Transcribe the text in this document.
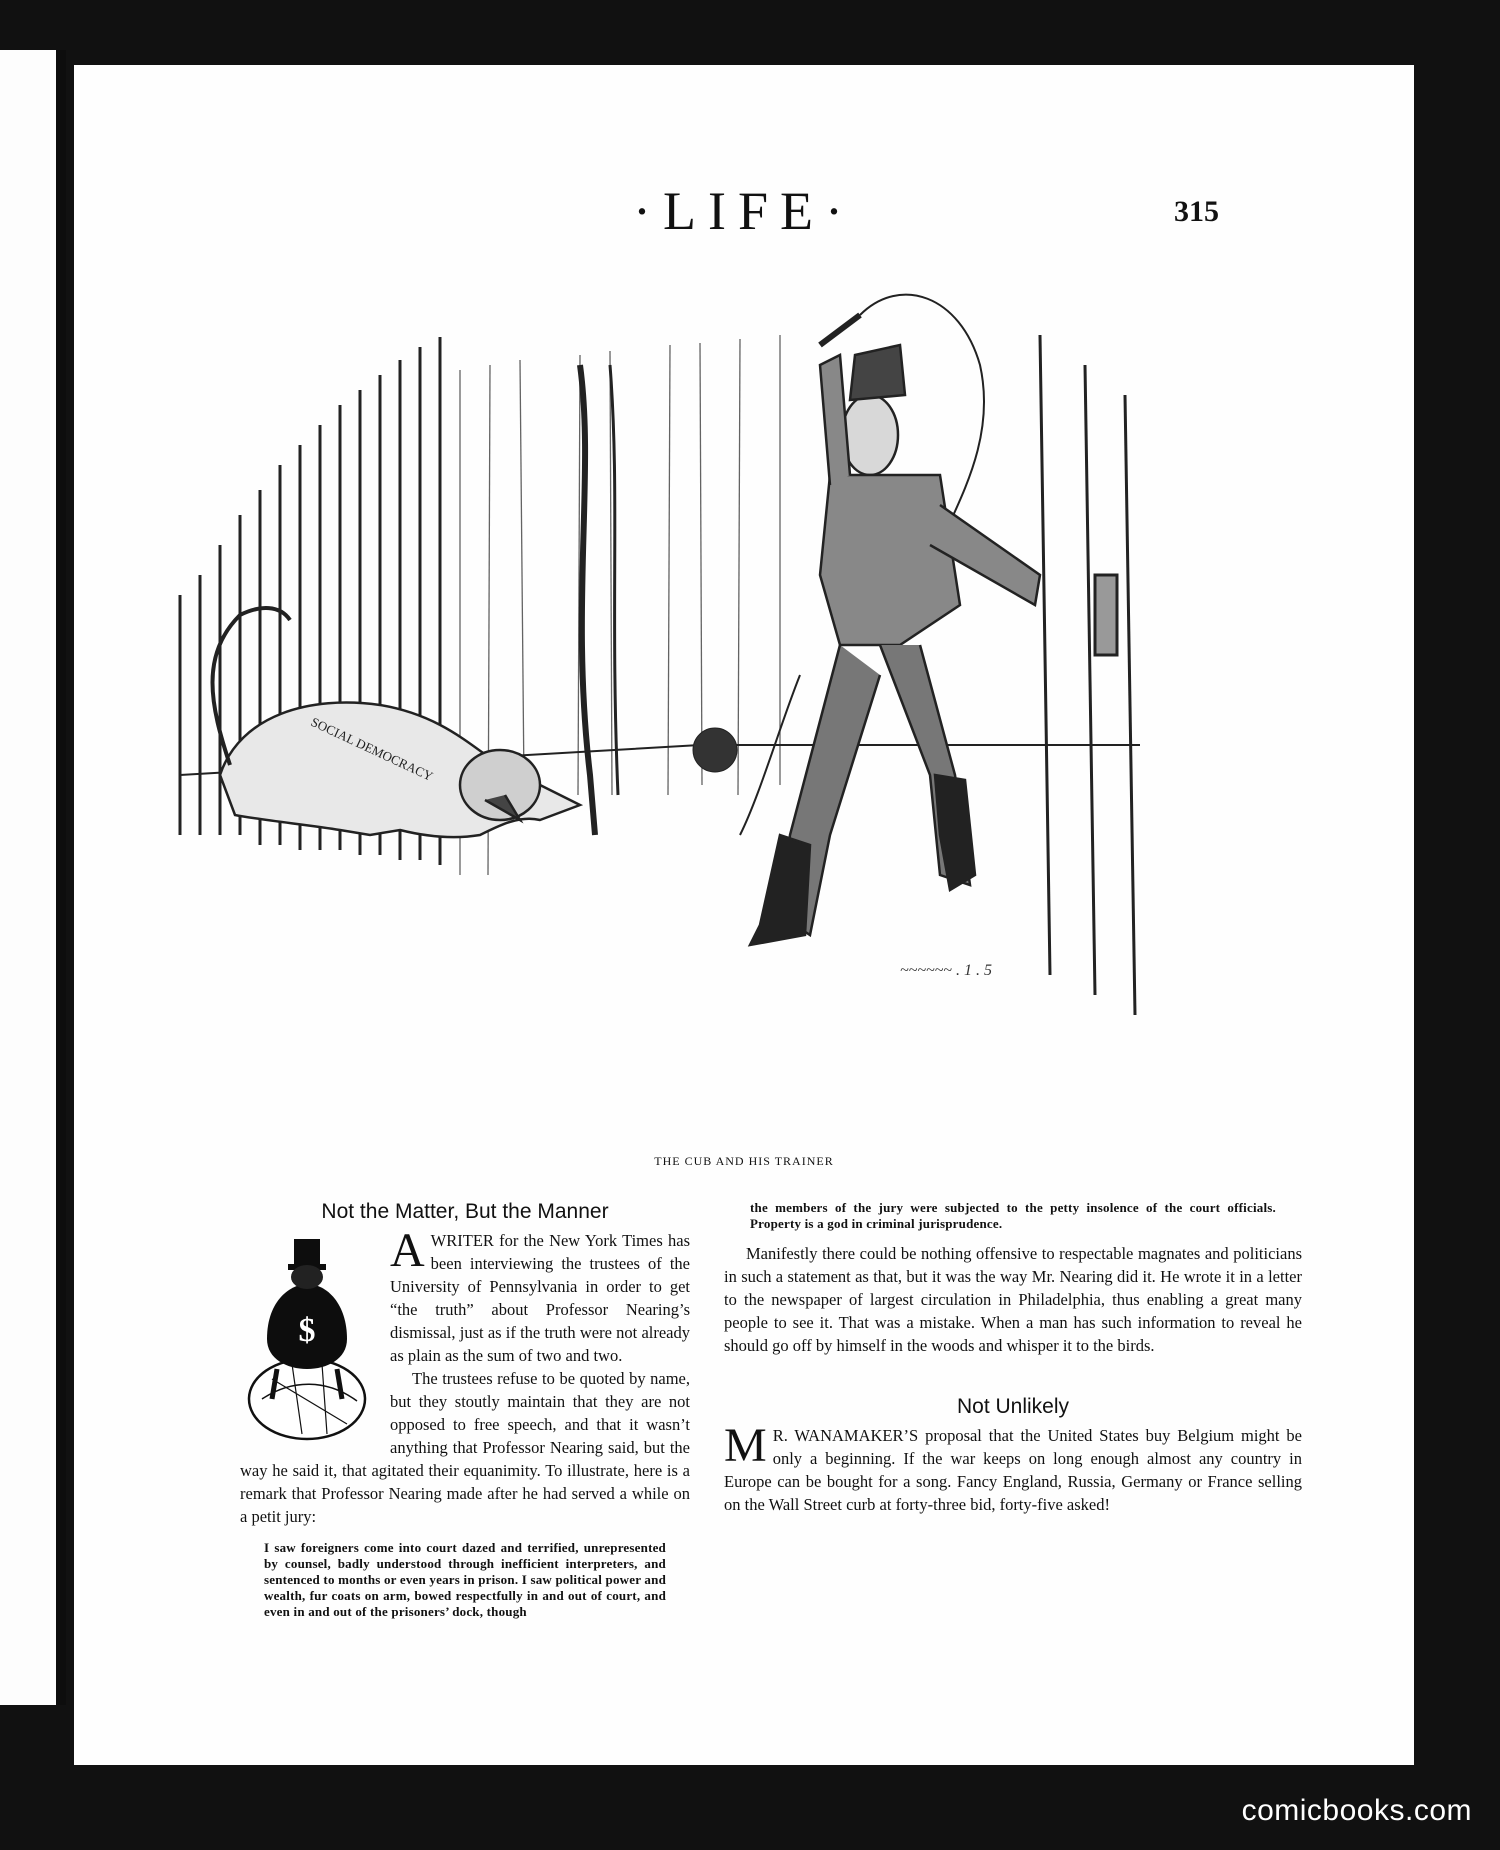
·LIFE·	315
SOCIAL DEMOCRACY
~~~~~~ . 1 . 5
THE CUB AND HIS TRAINER
Not the Matter, But the Manner
$

A WRITER for the New York Times has been interviewing the trustees of the University of Pennsylvania in order to get “the truth” about Professor Nearing’s dismissal, just as if the truth were not already as plain as the sum of two and two.

The trustees refuse to be quoted by name, but they stoutly maintain that they are not opposed to free speech, and that it wasn’t anything that Professor Nearing said, but the way he said it, that agitated their equanimity. To illustrate, here is a remark that Professor Nearing made after he had served a while on a petit jury:

I saw foreigners come into court dazed and terrified, unrepresented by counsel, badly understood through inefficient interpreters, and sentenced to months or even years in prison. I saw political power and wealth, fur coats on arm, bowed respectfully in and out of court, and even in and out of the prisoners’ dock, though

the members of the jury were subjected to the petty insolence of the court officials. Property is a god in criminal jurisprudence.

Manifestly there could be nothing offensive to respectable magnates and politicians in such a statement as that, but it was the way Mr. Nearing did it. He wrote it in a letter to the newspaper of largest circulation in Philadelphia, thus enabling a great many people to see it. That was a mistake. When a man has such information to reveal he should go off by himself in the woods and whisper it to the birds.

Not Unlikely

M R. WANAMAKER’S proposal that the United States buy Belgium might be only a beginning. If the war keeps on long enough almost any country in Europe can be bought for a song. Fancy England, Russia, Germany or France selling on the Wall Street curb at forty-three bid, forty-five asked!

comicbooks.com
